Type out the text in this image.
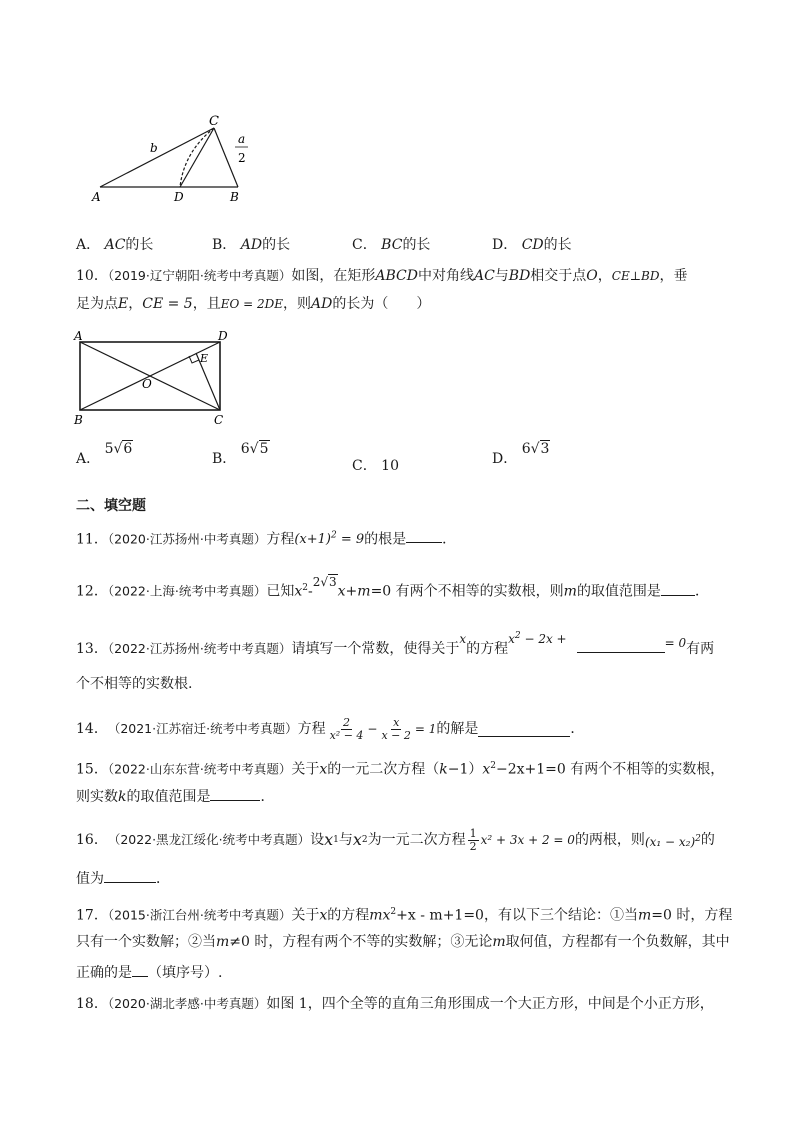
C
b
a
2
A	D	B
A． AC的长	B． AD的长	C． BC的长	D． CD的长
10．（2019·辽宁朝阳·统考中考真题）如图，在矩形ABCD中对角线AC与BD相交于点O，CE⊥BD，垂
足为点E，CE = 5，且EO = 2DE，则AD的长为（　　）
A	D
E
O
B	C
A． 5√6
B． 6√5
C． 10	D． 6√3
二、填空题
11．（2020·江苏扬州·中考真题）方程$(x+1)^2 = 9$的根是	．
12．（2022·上海·统考中考真题）已知$x^2-2√3x+m=0$ 有两个不相等的实数根，则m的取值范围是 ．
13．（2022·江苏扬州·统考中考真题）请填写一个常数，使得关于x的方程$x^2 - 2x$ +	= 0有两
个不相等的实数根.
14． （2021·江苏宿迁·统考中考真题） 方程 $\frac{2}{\text{x² − 4}} - \frac{x}{x - 2} = 1$ 的解是	．
15．（2022·山东东营·统考中考真题）关于x的一元二次方程$(k-1)x^2-2x+1=0$ 有两个不相等的实数根，
则实数k的取值范围是	．
16． （2022·黑龙江绥化·统考中考真题） 设 x 1 与 x 2 为一元二次方程 $\frac{1}{2} x^2 + 3x + 2 = 0$ 的两根，则 $(x_1 - x_2)^2$ 的
值为	．
17．（2015·浙江台州·统考中考真题）关于x的方程$mx^2+x - m+1=0$，有以下三个结论：①当m=0 时，方程
只有一个实数解；②当m≠0 时，方程有两个不等的实数解；③无论m取何值，方程都有一个负数解，其中
正确的是 （填序号）.
18．（2020·湖北孝感·中考真题）如图 1，四个全等的直角三角形围成一个大正方形，中间是个小正方形，
